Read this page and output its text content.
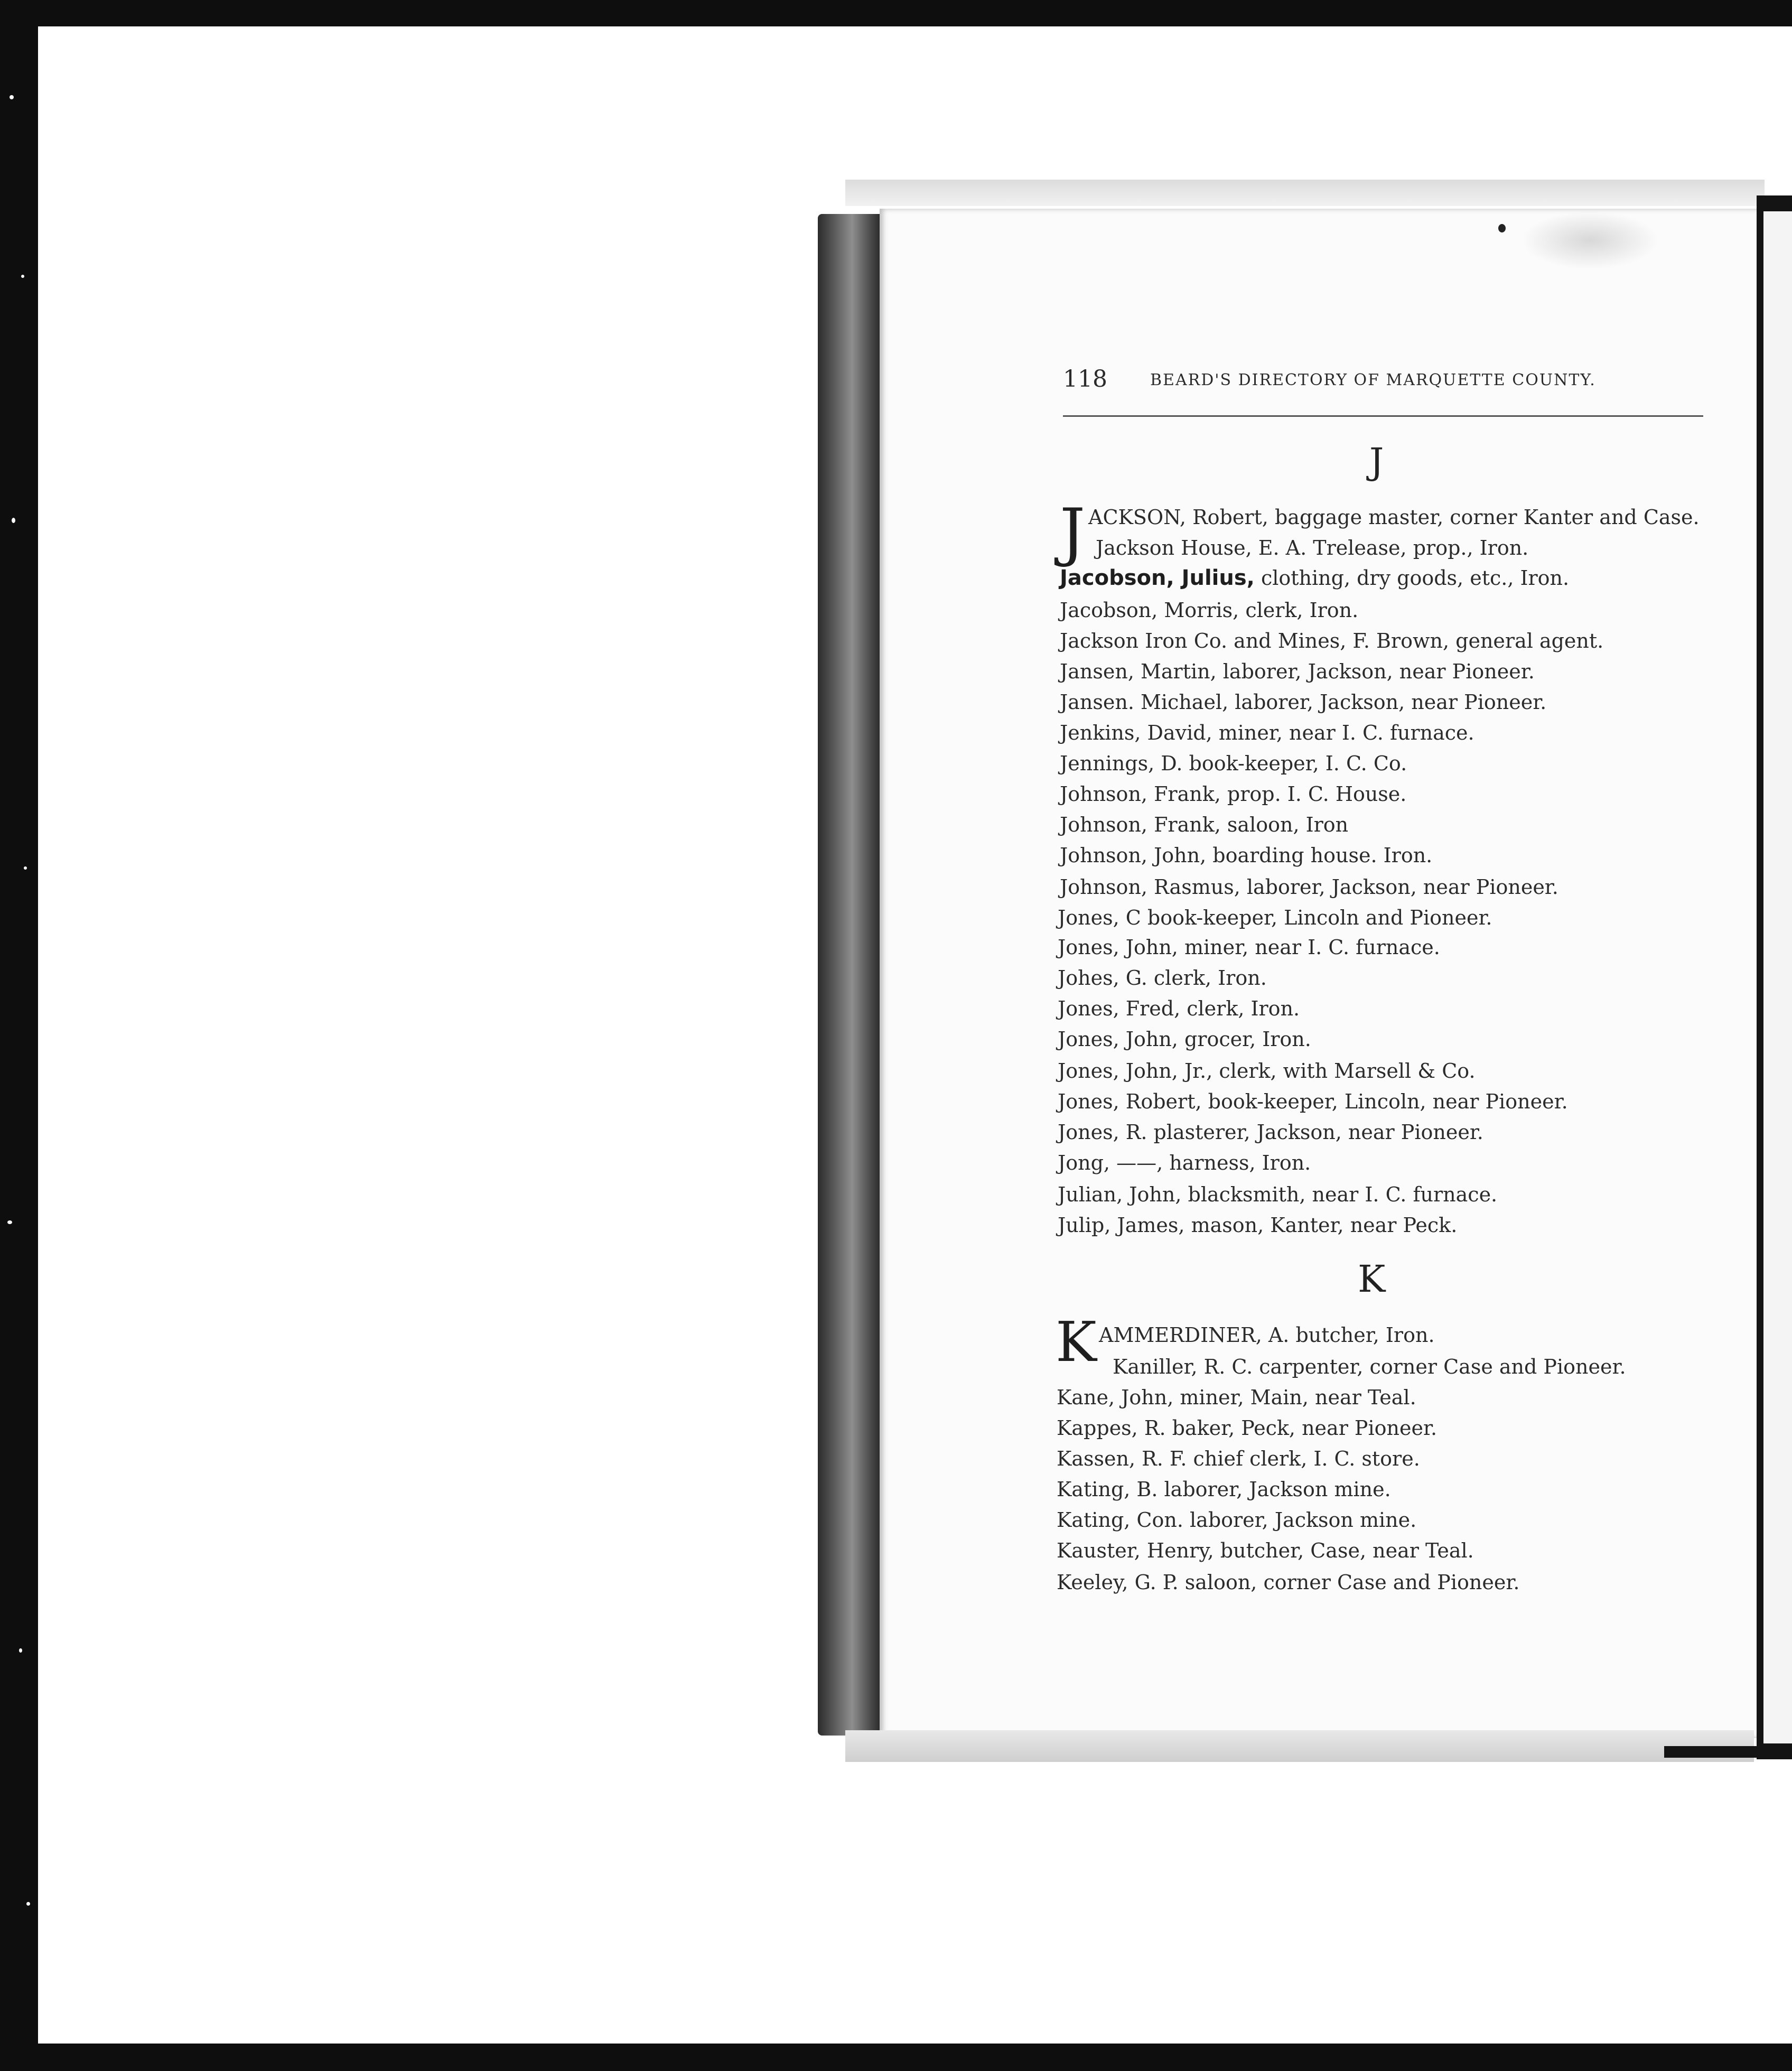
118	BEARD'S DIRECTORY OF MARQUETTE COUNTY.
J
J ACKSON, Robert, baggage master, corner Kanter and Case.
Jackson House, E. A. Trelease, prop., Iron.
Jacobson, Julius, clothing, dry goods, etc., Iron.
Jacobson, Morris, clerk, Iron.
Jackson Iron Co. and Mines, F. Brown, general agent.
Jansen, Martin, laborer, Jackson, near Pioneer.
Jansen. Michael, laborer, Jackson, near Pioneer.
Jenkins, David, miner, near I. C. furnace.
Jennings, D. book-keeper, I. C. Co.
Johnson, Frank, prop. I. C. House.
Johnson, Frank, saloon, Iron
Johnson, John, boarding house. Iron.
Johnson, Rasmus, laborer, Jackson, near Pioneer.
Jones, C book-keeper, Lincoln and Pioneer.
Jones, John, miner, near I. C. furnace.
Johes, G. clerk, Iron.
Jones, Fred, clerk, Iron.
Jones, John, grocer, Iron.
Jones, John, Jr., clerk, with Marsell & Co.
Jones, Robert, book-keeper, Lincoln, near Pioneer.
Jones, R. plasterer, Jackson, near Pioneer.
Jong, ——, harness, Iron.
Julian, John, blacksmith, near I. C. furnace.
Julip, James, mason, Kanter, near Peck.
K
K AMMERDINER, A. butcher, Iron.
Kaniller, R. C. carpenter, corner Case and Pioneer.
Kane, John, miner, Main, near Teal.
Kappes, R. baker, Peck, near Pioneer.
Kassen, R. F. chief clerk, I. C. store.
Kating, B. laborer, Jackson mine.
Kating, Con. laborer, Jackson mine.
Kauster, Henry, butcher, Case, near Teal.
Keeley, G. P. saloon, corner Case and Pioneer.
